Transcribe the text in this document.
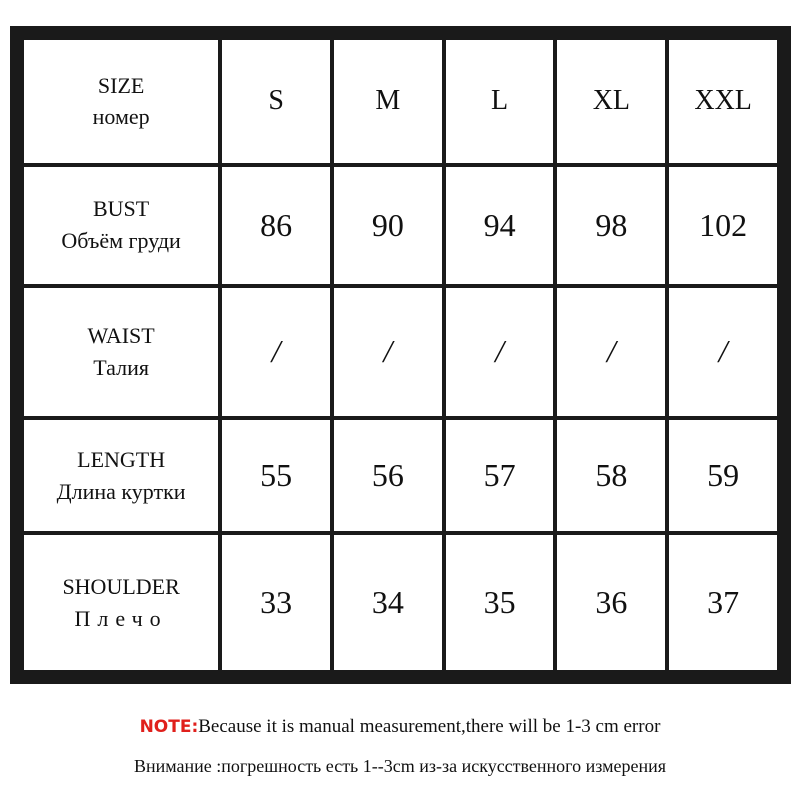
SIZE
номер	S	M	L	XL	XXL

BUST
Объём груди	86	90	94	98	102

WAIST
Талия	/	/	/	/	/

LENGTH
Длина куртки	55	56	57	58	59

SHOULDER
Плечо	33	34	35	36	37
NOTE:Because it is manual measurement,there will be 1-3 cm error
Внимание :погрешность есть 1--3cm из-за искусственного измерения
